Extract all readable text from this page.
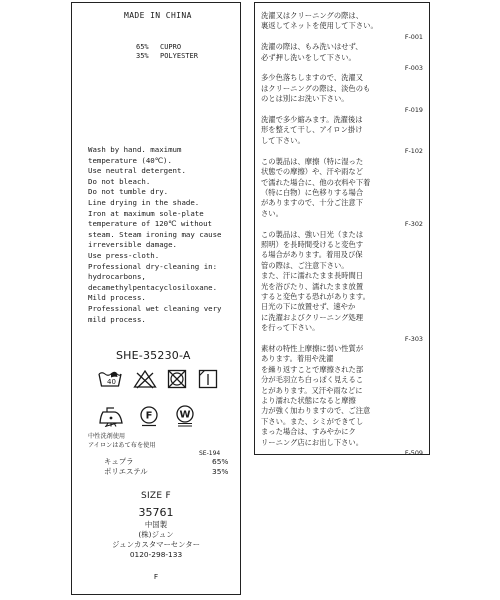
MADE IN CHINA
65%	CUPRO
35%	POLYESTER
Wash by hand. maximum
temperature (40℃).
Use neutral detergent.
Do not bleach.
Do not tumble dry.
Line drying in the shade.
Iron at maximum sole-plate
temperature of 120℃ without
steam. Steam ironing may cause
irreversible damage.
Use press-cloth.
Professional dry-cleaning in:
hydrocarbons,
decamethylpentacyclosiloxane.
Mild process.
Professional wet cleaning very
mild process.
SHE-35230-A
40
F	W
中性洗剤使用
アイロンはあて布を使用
SE-194
キュプラ	65%
ポリエステル	35%
SIZE F
35761
中国製
(株)ジュン
ジュンカスタマーセンター
0120-298-133
F
洗濯又はクリーニングの際は、
裏返してネットを使用して下さい。
F-001
洗濯の際は、もみ洗いはせず、
必ず押し洗いをして下さい。
F-003
多少色落ちしますので、洗濯又
はクリーニングの際は、淡色のも
のとは別にお洗い下さい。
F-019
洗濯で多少縮みます。洗濯後は
形を整えて干し、アイロン掛け
して下さい。
F-102
この製品は、摩擦（特に湿った
状態での摩擦）や、汗や雨など
で濡れた場合に、他の衣料や下着
（特に白物）に色移りする場合
がありますので、十分ご注意下
さい。
F-302
この製品は、強い日光（または
照明）を長時間受けると変色す
る場合があります。着用及び保
管の際は、ご注意下さい。
また、汗に濡れたまま長時間日
光を浴びたり、濡れたまま放置
すると変色する恐れがあります。
日光の下に放置せず、速やか
に洗濯およびクリーニング処理
を行って下さい。
F-303
素材の特性上摩擦に弱い性質が
あります。着用や洗濯
を繰り返すことで摩擦された部
分が毛羽立ち白っぽく見えるこ
とがあります。又汗や雨などに
より濡れた状態になると摩擦
力が強く加わりますので、ご注意
下さい。また、シミができてし
まった場合は、すみやかにク
リーニング店にお出し下さい。
F-509
